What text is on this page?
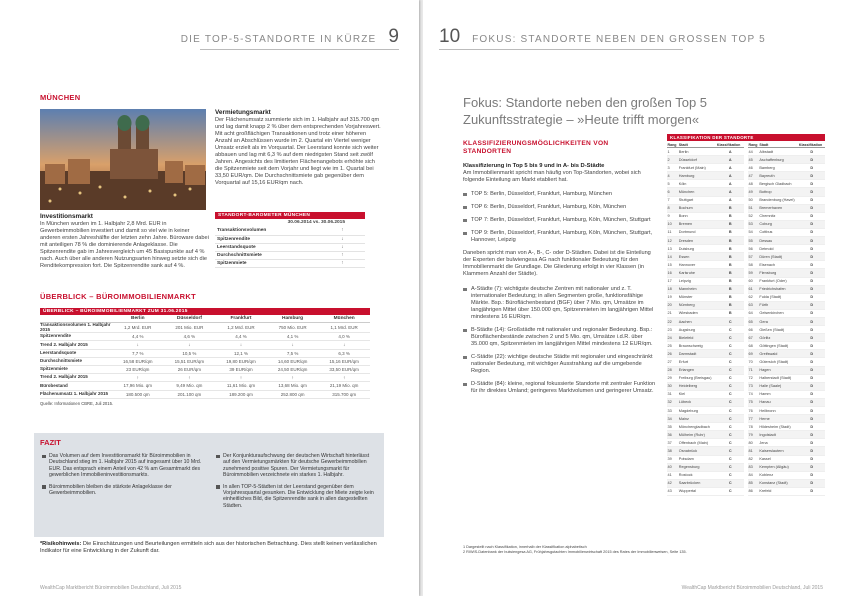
DIE TOP-5-STANDORTE IN KÜRZE 9
MÜNCHEN
Vermietungsmarkt
Der Flächenumsatz summierte sich im 1. Halbjahr auf 315.700 qm und lag damit knapp 2 % über dem entsprechenden Vorjahreswert. Mit acht großflächigen Transaktionen und trotz einer höheren Anzahl an Abschlüssen wurde im 2. Quartal ein Viertel weniger Umsatz erzielt als im Vorquartal. Der Leerstand konnte sich weiter abbauen und lag mit 6,3 % auf dem niedrigsten Stand seit zwölf Jahren. Angesichts des limitierten Flächenangebots erhöhte sich die Spitzenmiete seit dem Vorjahr und liegt wie im 1. Quartal bei 33,50 EUR/qm. Die Durchschnittsmiete gab gegenüber dem Vorquartal auf 15,16 EUR/qm nach.
Investitionsmarkt
In München wurden im 1. Halbjahr 2,8 Mrd. EUR in Gewerbeimmobilien investiert und damit so viel wie in keiner anderen ersten Jahreshälfte der letzten zehn Jahre. Büroware dabei mit anteiligen 78 % die dominierende Anlageklasse. Die Spitzenrendite gab im Jahresvergleich um 45 Basispunkte auf 4 % nach. Auch über alle anderen Nutzungsarten hinweg setzte sich die Renditekompression fort. Die Spitzenrendite sank auf 4 %.
STANDORT-BAROMETER MÜNCHEN
30.06.2014 vs. 30.06.2015
Transaktionsvolumen	↑
Spitzenrendite	↓
Leerstandsquote	↓
Durchschnittsmiete	↑
Spitzenmiete	↑
ÜBERBLICK – BÜROIMMOBILIENMARKT
ÜBERBLICK – BÜROIMMOBILIENMARKT ZUM 31.06.2015
	Berlin	Düsseldorf	Frankfurt	Hamburg	München
Transaktionsvolumen 1. Halbjahr 2015	1,2 Mrd. EUR	201 Mio. EUR	1,2 Mrd. EUR	750 Mio. EUR	1,1 Mrd. EUR
Spitzenrendite	4,4 %	4,6 %	4,4 %	4,1 %	4,0 %
Trend 2. Halbjahr 2015	↓	↓	↓	↓	↓
Leerstandsquote	7,7 %	10,5 %	12,1 %	7,5 %	6,3 %
Durchschnittsmiete	16,58 EUR/qm	15,51 EUR/qm	19,80 EUR/qm	14,60 EUR/qm	15,16 EUR/qm
Spitzenmiete	23 EUR/qm	26 EUR/qm	39 EUR/qm	24,50 EUR/qm	33,50 EUR/qm
Trend 2. Halbjahr 2015	↑	↑	↑	↑	↑
Bürobestand	17,96 Mio. qm	9,49 Mio. qm	11,61 Mio. qm	13,68 Mio. qm	21,19 Mio. qm
Flächenumsatz 1. Halbjahr 2015	180.500 qm	201.100 qm	189.200 qm	252.800 qm	315.700 qm
Quelle: Informationen CBRE, Juli 2015.
FAZIT
Das Volumen auf dem Investitionsmarkt für Büroimmobilien in Deutschland stieg im 1. Halbjahr 2015 auf insgesamt über 10 Mrd. EUR. Das entsprach einem Anteil von 42 % am Gesamtmarkt des gewerblichen Immobilieninvestitionsmarkts.
Büroimmobilien bleiben die stärkste Anlageklasse der Gewerbeimmobilien.
Der Konjunkturaufschwung der deutschen Wirtschaft hinterlässt auf den Vermietungsmärkten für deutsche Gewerbeimmobilien zunehmend positive Spuren. Der Vermietungsmarkt für Büroimmobilien verzeichnete ein starkes 1. Halbjahr.
In allen TOP-5-Städten ist der Leerstand gegenüber dem Vorjahresquartal gesunken. Die Entwicklung der Miete zeigte kein einheitliches Bild, die Spitzenrendite sank in allen dargestellten Städten.
*Risikohinweis: Die Einschätzungen und Beurteilungen ermitteln sich aus der historischen Betrachtung. Dies stellt keinen verlässlichen Indikator für eine Entwicklung in der Zukunft dar.
WealthCap Marktbericht Büroimmobilien Deutschland, Juli 2015
10 FOKUS: STANDORTE NEBEN DEN GROSSEN TOP 5
Fokus: Standorte neben den großen Top 5
Zukunftsstrategie – »Heute trifft morgen«
KLASSIFIZIERUNGSMÖGLICHKEITEN VON
STANDORTEN
Klassifizierung in Top 5 bis 9 und in A- bis D-Städte
Am Immobilienmarkt spricht man häufig von Top-Standorten, wobei sich folgende Einteilung am Markt etabliert hat.
TOP 5: Berlin, Düsseldorf, Frankfurt, Hamburg, München
TOP 6: Berlin, Düsseldorf, Frankfurt, Hamburg, Köln, München
TOP 7: Berlin, Düsseldorf, Frankfurt, Hamburg, Köln, München, Stuttgart
TOP 9: Berlin, Düsseldorf, Frankfurt, Hamburg, Köln, München, Stuttgart, Hannover, Leipzig
Daneben spricht man von A-, B-, C- oder D-Städten. Dabei ist die Einteilung der Experten der bulwiengesa AG nach funktionaler Bedeutung für den Immobilienmarkt die Grundlage. Die Gliederung erfolgt in vier Klassen (in Klammern Anzahl der Städte).
A-Städte (7): wichtigste deutsche Zentren mit nationaler und z. T. internationaler Bedeutung; in allen Segmenten große, funktionsfähige Märkte. Bsp.: Büroflächenbestand (BGF) über 7 Mio. qm, Umsätze im langjährigen Mittel über 150.000 qm, Spitzenmieten im langjährigen Mittel mindestens 16 EUR/qm.
B-Städte (14): Großstädte mit nationaler und regionaler Bedeutung. Bsp.: Büroflächenbestände zwischen 2 und 5 Mio. qm, Umsätze i.d.R. über 35.000 qm, Spitzenmieten im langjährigen Mittel mindestens 12 EUR/qm.
C-Städte (22): wichtige deutsche Städte mit regionaler und eingeschränkt nationaler Bedeutung, mit wichtiger Ausstrahlung auf die umgebende Region.
D-Städte (84): kleine, regional fokussierte Standorte mit zentraler Funktion für ihr direktes Umland; geringeres Marktvolumen und geringerer Umsatz.
KLASSIFIKATION DER STANDORTE
Rang	Stadt	Klassifikation
1	Berlin	A
2	Düsseldorf	A
3	Frankfurt (Main)	A
4	Hamburg	A
5	Köln	A
6	München	A
7	Stuttgart	A
8	Bochum	B
9	Bonn	B
10	Bremen	B
11	Dortmund	B
12	Dresden	B
13	Duisburg	B
14	Essen	B
15	Hannover	B
16	Karlsruhe	B
17	Leipzig	B
18	Mannheim	B
19	Münster	B
20	Nürnberg	B
21	Wiesbaden	B
22	Aachen	C
23	Augsburg	C
24	Bielefeld	C
25	Braunschweig	C
26	Darmstadt	C
27	Erfurt	C
28	Erlangen	C
29	Freiburg (Breisgau)	C
30	Heidelberg	C
31	Kiel	C
32	Lübeck	C
33	Magdeburg	C
34	Mainz	C
35	Mönchengladbach	C
36	Mülheim (Ruhr)	C
37	Offenbach (Main)	C
38	Osnabrück	C
39	Potsdam	C
40	Regensburg	C
41	Rostock	C
42	Saarbrücken	C
43	Wuppertal	C
Rang	Stadt	Klassifikation
44	Albstadt	D
45	Aschaffenburg	D
46	Bamberg	D
47	Bayreuth	D
48	Bergisch Gladbach	D
49	Bottrop	D
50	Brandenburg (Havel)	D
51	Bremerhaven	D
52	Chemnitz	D
53	Coburg	D
54	Cottbus	D
55	Dessau	D
56	Detmold	D
57	Düren (Stadt)	D
58	Eisenach	D
59	Flensburg	D
60	Frankfurt (Oder)	D
61	Friedrichshafen	D
62	Fulda (Stadt)	D
63	Fürth	D
64	Gelsenkirchen	D
65	Gera	D
66	Gießen (Stadt)	D
67	Görlitz	D
68	Göttingen (Stadt)	D
69	Greifswald	D
70	Gütersloh (Stadt)	D
71	Hagen	D
72	Halberstadt (Stadt)	D
73	Halle (Saale)	D
74	Hamm	D
75	Hanau	D
76	Heilbronn	D
77	Herne	D
78	Hildesheim (Stadt)	D
79	Ingolstadt	D
80	Jena	D
81	Kaiserslautern	D
82	Kassel	D
83	Kempten (Allgäu)	D
84	Koblenz	D
85	Konstanz (Stadt)	D
86	Krefeld	D
1 Dargestellt nach Klassifikation, innerhalb der Klassifikation alphabetisch
2 RIWIS-Datenbank der bulwiengesa AG, Frühjahrsgutachten Immobilienwirtschaft 2015 des Rates der Immobilienweisen, Seite 135.
WealthCap Marktbericht Büroimmobilien Deutschland, Juli 2015
